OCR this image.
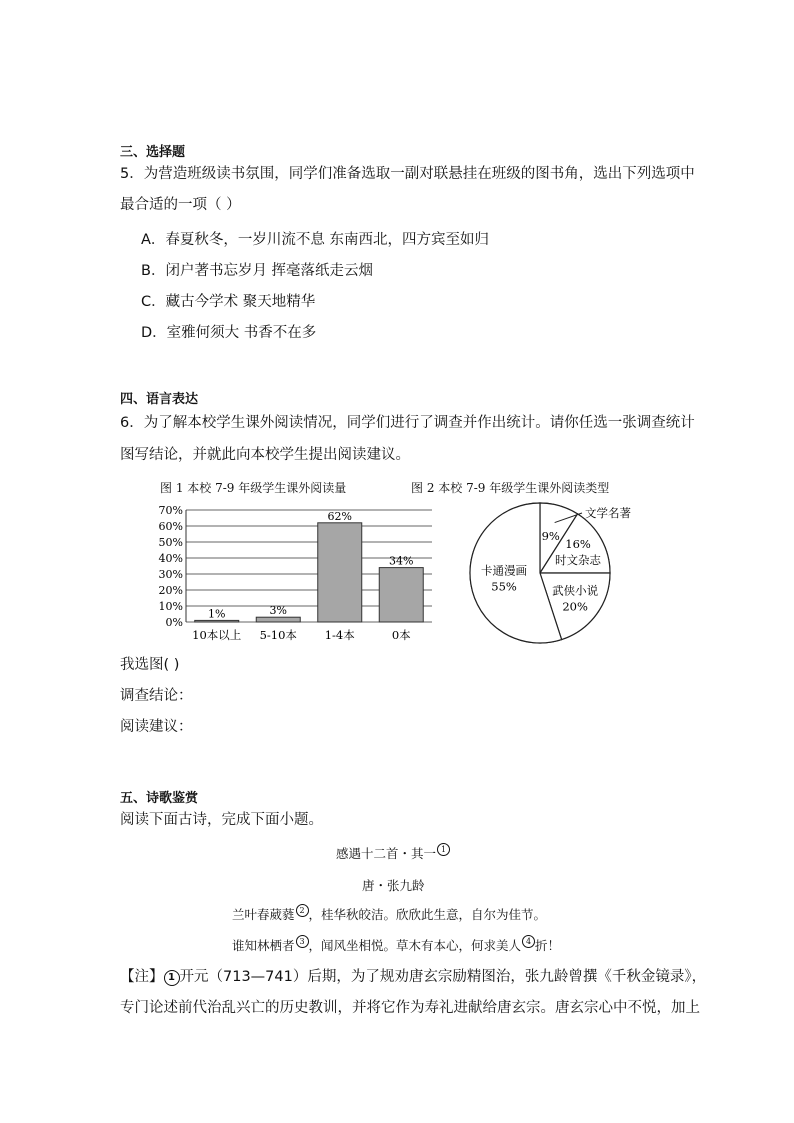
三、选择题
5．为营造班级读书氛围，同学们准备选取一副对联悬挂在班级的图书角，选出下列选项中
最合适的一项（ ）
A．春夏秋冬，一岁川流不息 东南西北，四方宾至如归
B．闭户著书忘岁月 挥毫落纸走云烟
C．藏古今学术 聚天地精华
D．室雅何须大 书香不在多
四、语言表达
6．为了解本校学生课外阅读情况，同学们进行了调查并作出统计。请你任选一张调查统计
图写结论，并就此向本校学生提出阅读建议。
图 1 本校 7-9 年级学生课外阅读量	图 2 本校 7-9 年级学生课外阅读类型
0%
10%
20%
30%
40%
50%
60%
70%
1%
10本以上
3%
5-10本
62%
1-4本
34%
0本
9%
文学名著
16%
时文杂志
武侠小说
20%
卡通漫画
55%
我选图( )
调查结论：
阅读建议：
五、诗歌鉴赏
阅读下面古诗，完成下面小题。
感遇十二首・其一 1
唐・张九龄
兰叶春葳蕤 2 ，桂华秋皎洁。欣欣此生意，自尔为佳节。
谁知林栖者 3 ，闻风坐相悦。草木有本心，何求美人 4 折！
【注】 1 开元（713—741）后期，为了规劝唐玄宗励精图治，张九龄曾撰《千秋金镜录》，
专门论述前代治乱兴亡的历史教训，并将它作为寿礼进献给唐玄宗。唐玄宗心中不悦，加上
